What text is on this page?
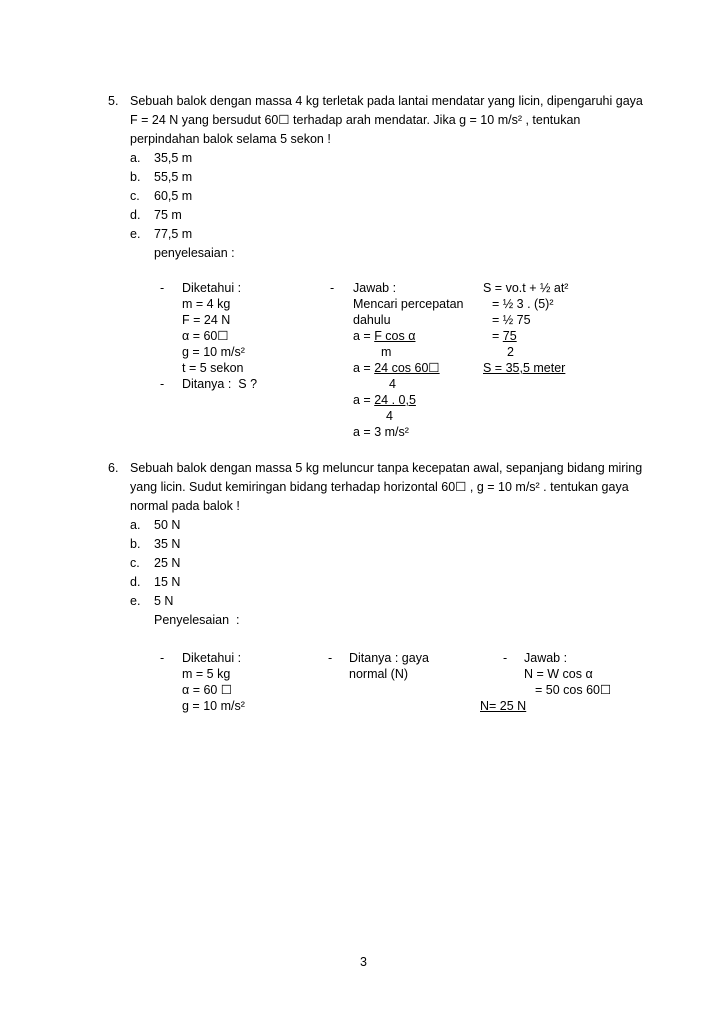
5. Sebuah balok dengan massa 4 kg terletak pada lantai mendatar yang licin, dipengaruhi gaya
F = 24 N yang bersudut 60☐ terhadap arah mendatar. Jika g = 10 m/s² , tentukan
perpindahan balok selama 5 sekon !
a. 35,5 m
b. 55,5 m
c. 60,5 m
d. 75 m
e. 77,5 m
penyelesaian :
- Diketahui :
m = 4 kg
F = 24 N
α = 60☐
g = 10 m/s²
t = 5 sekon
- Ditanya :  S ?
- Jawab :
Mencari percepatan
dahulu
a = F cos α
m
a = 24 cos 60☐
4
a = 24 . 0,5
4
a = 3 m/s²
S = vo.t + ½ at²
= ½ 3 . (5)²
= ½ 75
= 75
2
S = 35,5 meter
6. Sebuah balok dengan massa 5 kg meluncur tanpa kecepatan awal, sepanjang bidang miring
yang licin. Sudut kemiringan bidang terhadap horizontal 60☐ , g = 10 m/s² . tentukan gaya
normal pada balok !
a. 50 N
b. 35 N
c. 25 N
d. 15 N
e. 5 N
Penyelesaian  :
- Diketahui :
m = 5 kg
α = 60 ☐
g = 10 m/s²
- Ditanya : gaya
normal (N)
- Jawab :
N = W cos α
= 50 cos 60☐
N= 25 N
3
